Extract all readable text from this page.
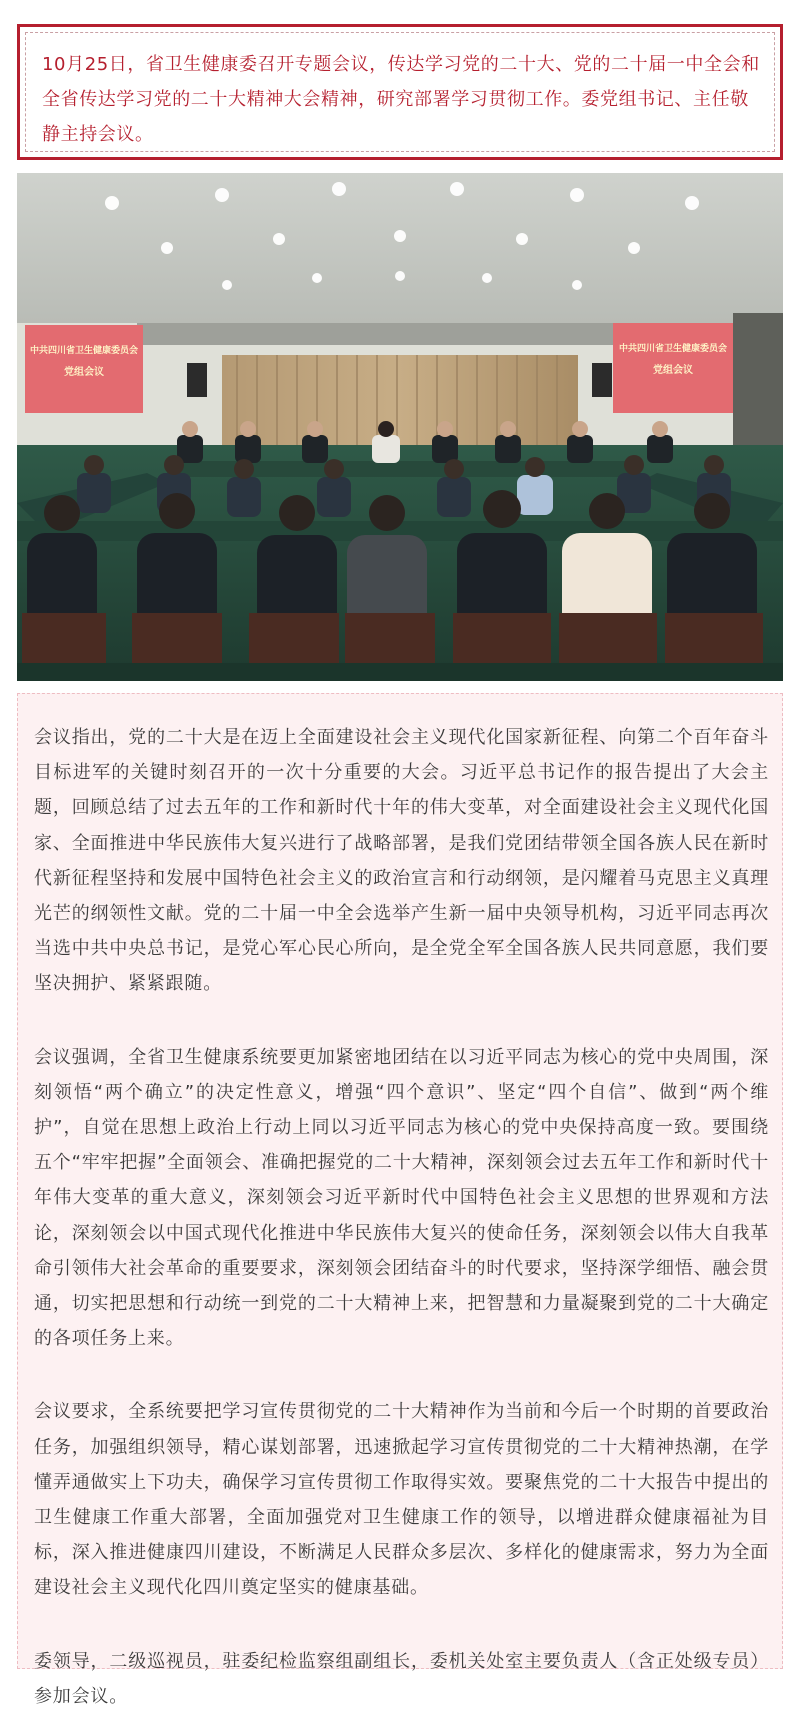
10月25日，省卫生健康委召开专题会议，传达学习党的二十大、党的二十届一中全会和全省传达学习党的二十大精神大会精神，研究部署学习贯彻工作。委党组书记、主任敬静主持会议。

中共四川省卫生健康委员会
党组会议
中共四川省卫生健康委员会
党组会议

会议指出，党的二十大是在迈上全面建设社会主义现代化国家新征程、向第二个百年奋斗目标进军的关键时刻召开的一次十分重要的大会。习近平总书记作的报告提出了大会主题，回顾总结了过去五年的工作和新时代十年的伟大变革，对全面建设社会主义现代化国家、全面推进中华民族伟大复兴进行了战略部署，是我们党团结带领全国各族人民在新时代新征程坚持和发展中国特色社会主义的政治宣言和行动纲领，是闪耀着马克思主义真理光芒的纲领性文献。党的二十届一中全会选举产生新一届中央领导机构，习近平同志再次当选中共中央总书记，是党心军心民心所向，是全党全军全国各族人民共同意愿，我们要坚决拥护、紧紧跟随。

会议强调，全省卫生健康系统要更加紧密地团结在以习近平同志为核心的党中央周围，深刻领悟“两个确立”的决定性意义，增强“四个意识”、坚定“四个自信”、做到“两个维护”，自觉在思想上政治上行动上同以习近平同志为核心的党中央保持高度一致。要围绕五个“牢牢把握”全面领会、准确把握党的二十大精神，深刻领会过去五年工作和新时代十年伟大变革的重大意义，深刻领会习近平新时代中国特色社会主义思想的世界观和方法论，深刻领会以中国式现代化推进中华民族伟大复兴的使命任务，深刻领会以伟大自我革命引领伟大社会革命的重要要求，深刻领会团结奋斗的时代要求，坚持深学细悟、融会贯通，切实把思想和行动统一到党的二十大精神上来，把智慧和力量凝聚到党的二十大确定的各项任务上来。

会议要求，全系统要把学习宣传贯彻党的二十大精神作为当前和今后一个时期的首要政治任务，加强组织领导，精心谋划部署，迅速掀起学习宣传贯彻党的二十大精神热潮，在学懂弄通做实上下功夫，确保学习宣传贯彻工作取得实效。要聚焦党的二十大报告中提出的卫生健康工作重大部署，全面加强党对卫生健康工作的领导，以增进群众健康福祉为目标，深入推进健康四川建设，不断满足人民群众多层次、多样化的健康需求，努力为全面建设社会主义现代化四川奠定坚实的健康基础。

委领导，二级巡视员，驻委纪检监察组副组长，委机关处室主要负责人（含正处级专员）参加会议。
